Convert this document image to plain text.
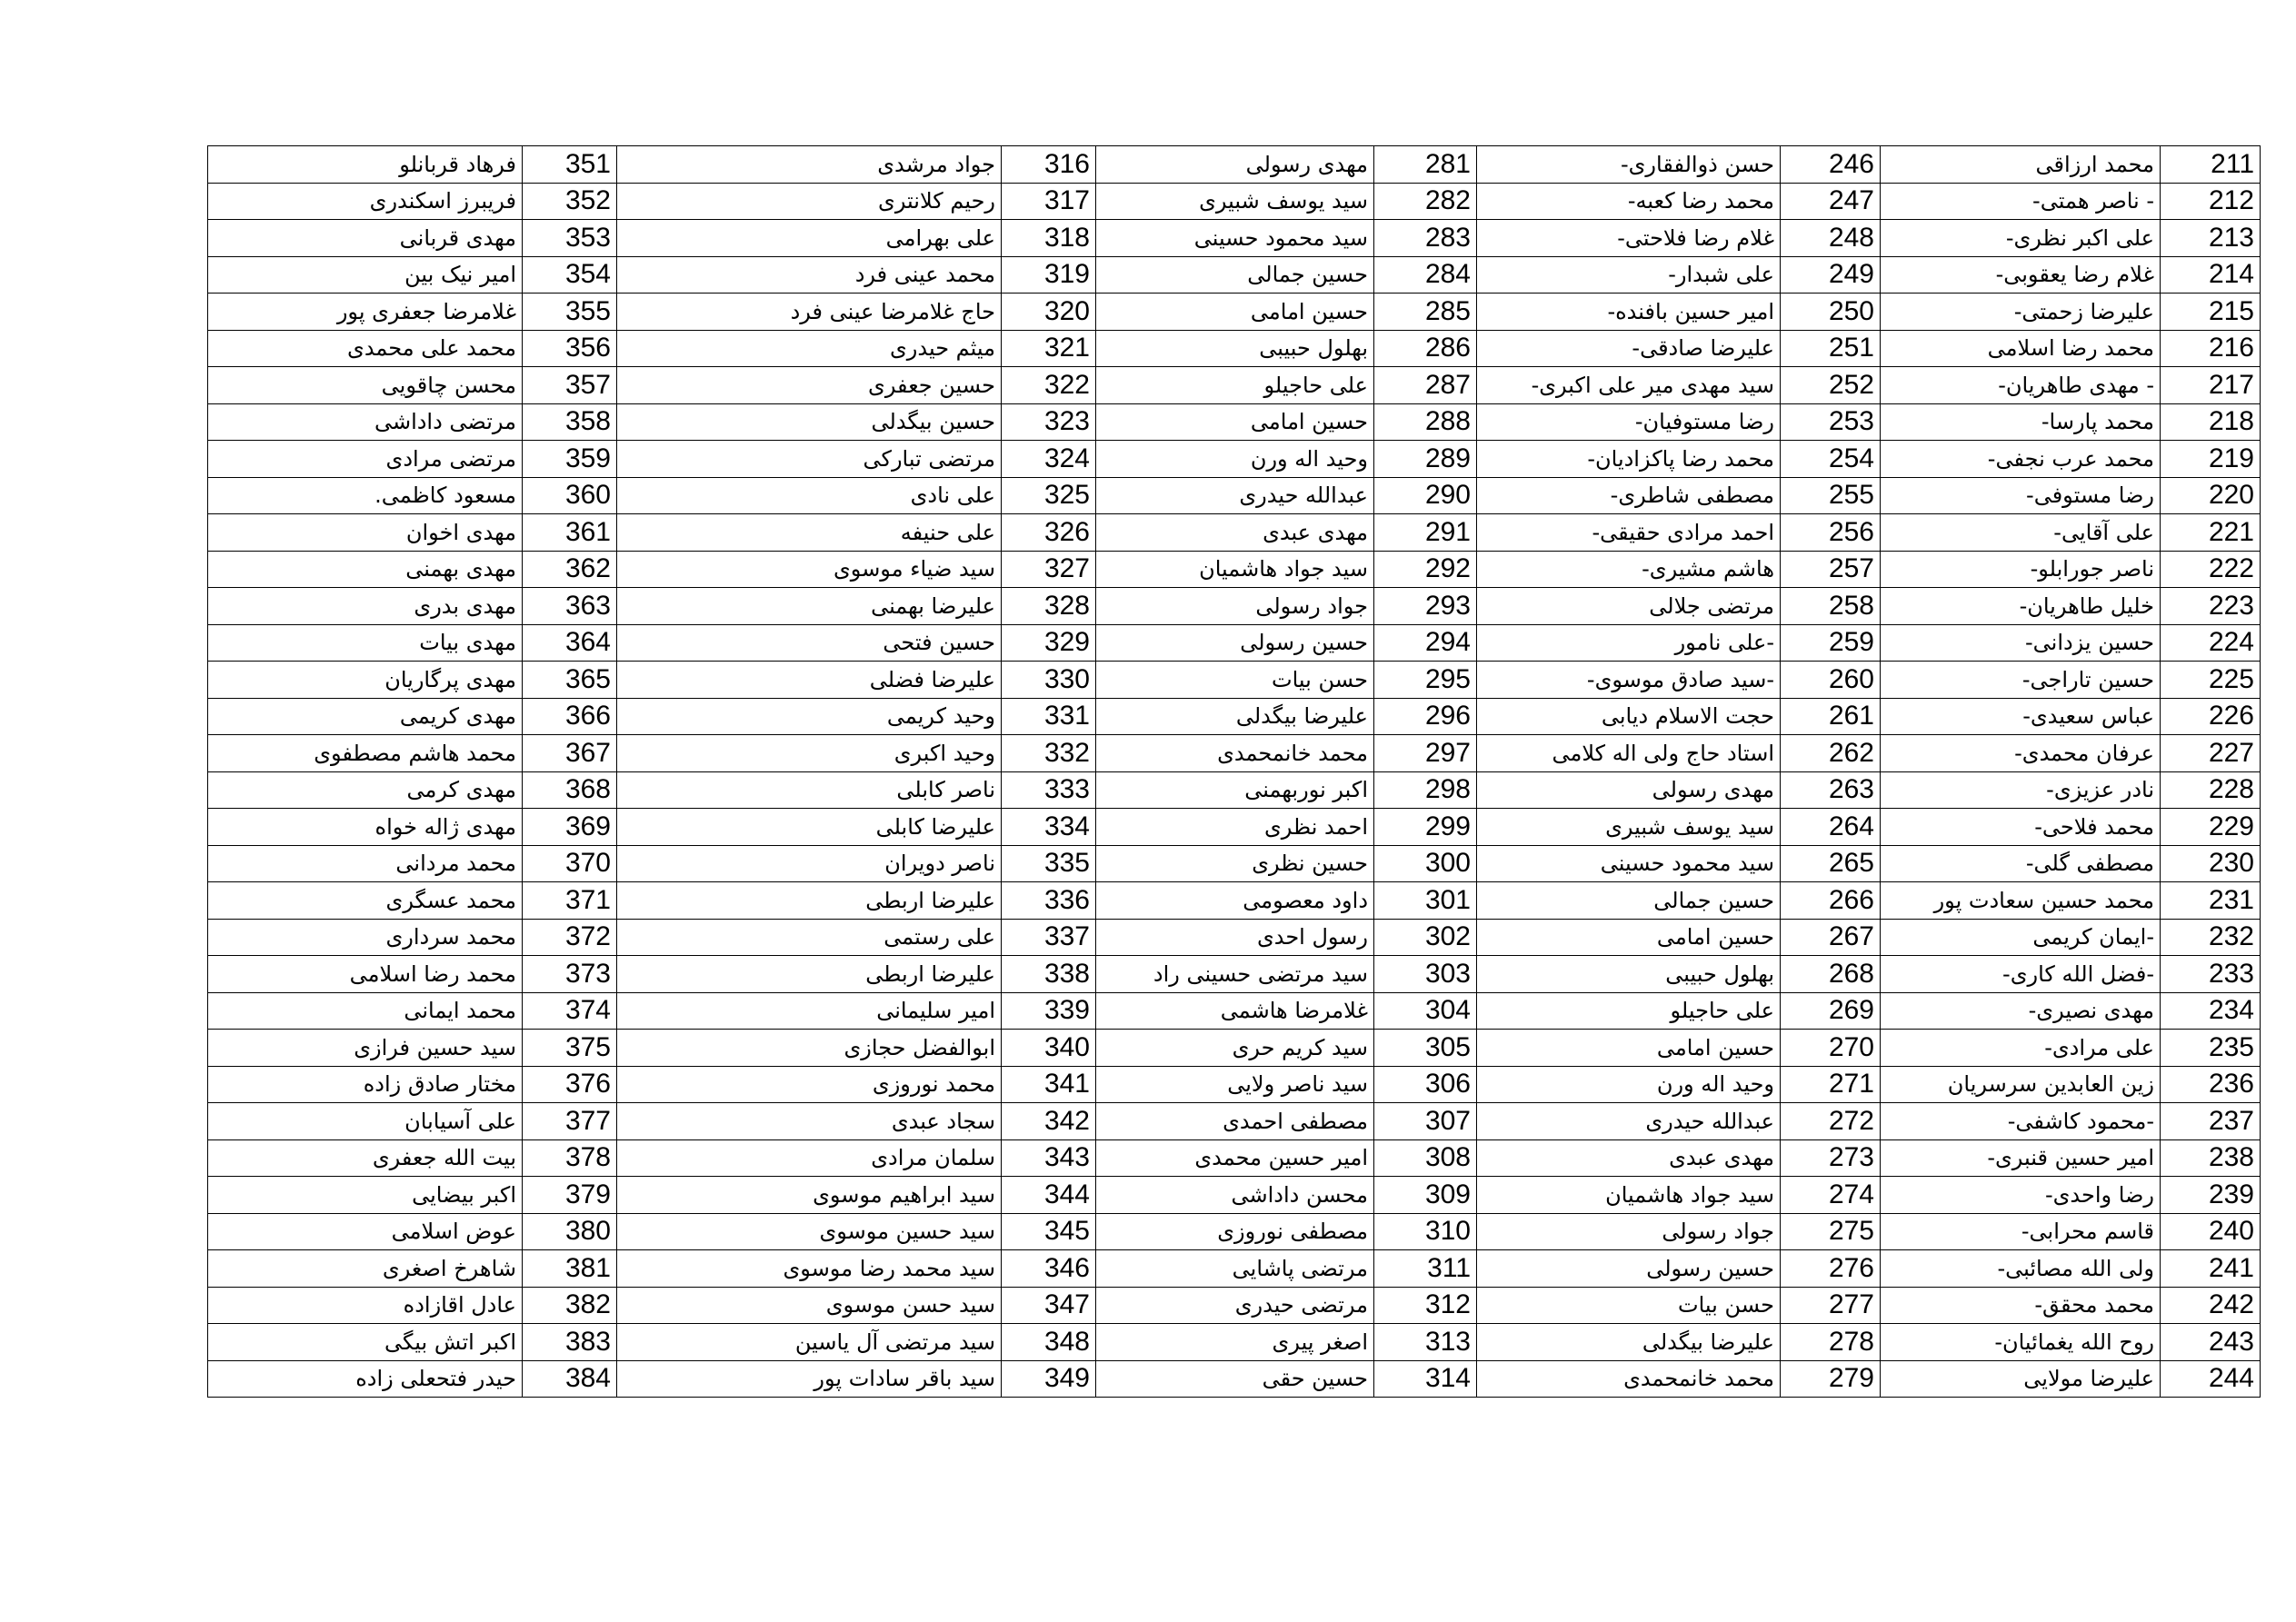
فرهاد قربانلو	351	جواد مرشدی	316	مهدی رسولی	281	حسن ذوالفقاری-	246	محمد ارزاقی	211
فریبرز اسکندری	352	رحیم کلانتری	317	سید یوسف شبیری	282	محمد رضا کعبه-	247	- ناصر همتی-	212
مهدی قربانی	353	علی بهرامی	318	سید محمود حسینی	283	غلام رضا فلاحتی-	248	علی اکبر نظری-	213
امیر نیک بین	354	محمد عینی فرد	319	حسین جمالی	284	علی شبدار-	249	غلام رضا یعقوبی-	214
غلامرضا جعفری پور	355	حاج غلامرضا عینی فرد	320	حسین امامی	285	امیر حسین بافنده-	250	علیرضا زحمتی-	215
محمد علی محمدی	356	میثم حیدری	321	بهلول حبیبی	286	علیرضا صادقی-	251	محمد رضا اسلامی	216
محسن چاقویی	357	حسین جعفری	322	علی حاجیلو	287	سید مهدی میر علی اکبری-	252	- مهدی طاهریان-	217
مرتضی داداشی	358	حسین بیگدلی	323	حسین امامی	288	رضا مستوفیان-	253	محمد پارسا-	218
مرتضی مرادی	359	مرتضی تبارکی	324	وحید اله ورن	289	محمد رضا پاکزادیان-	254	محمد عرب نجفی-	219
مسعود کاظمی.	360	علی نادی	325	عبدالله حیدری	290	مصطفی شاطری-	255	رضا مستوفی-	220
مهدی اخوان	361	علی حنیفه	326	مهدی عبدی	291	احمد مرادی حقیقی-	256	علی آقایی-	221
مهدی بهمنی	362	سید ضیاء موسوی	327	سید جواد هاشمیان	292	هاشم مشیری-	257	ناصر جورابلو-	222
مهدی بدری	363	علیرضا بهمنی	328	جواد رسولی	293	مرتضی جلالی	258	خلیل طاهریان-	223
مهدی بیات	364	حسین فتحی	329	حسین رسولی	294	-علی نامور	259	حسین یزدانی-	224
مهدی پرگاریان	365	علیرضا فضلی	330	حسن بیات	295	-سید صادق موسوی-	260	حسین تاراجی-	225
مهدی کریمی	366	وحید کریمی	331	علیرضا بیگدلی	296	حجت الاسلام دیابی	261	عباس سعیدی-	226
محمد هاشم مصطفوی	367	وحید اکبری	332	محمد خانمحمدی	297	استاد حاج ولی اله کلامی	262	عرفان محمدی-	227
مهدی کرمی	368	ناصر کابلی	333	اکبر نوربهمنی	298	مهدی رسولی	263	نادر عزیزی-	228
مهدی ژاله خواه	369	علیرضا کابلی	334	احمد نظری	299	سید یوسف شبیری	264	محمد فلاحی-	229
محمد مردانی	370	ناصر دویران	335	حسین نظری	300	سید محمود حسینی	265	مصطفی گلی-	230
محمد عسگری	371	علیرضا اربطی	336	داود معصومی	301	حسین جمالی	266	محمد حسین سعادت پور	231
محمد سرداری	372	علی رستمی	337	رسول احدی	302	حسین امامی	267	-ایمان کریمی	232
محمد رضا اسلامی	373	علیرضا اربطی	338	سید مرتضی حسینی راد	303	بهلول حبیبی	268	-فضل الله کاری-	233
محمد ایمانی	374	امیر سلیمانی	339	غلامرضا هاشمی	304	علی حاجیلو	269	مهدی نصیری-	234
سید حسین فرازی	375	ابوالفضل حجازی	340	سید کریم حری	305	حسین امامی	270	علی مرادی-	235
مختار صادق زاده	376	محمد نوروزی	341	سید ناصر ولایی	306	وحید اله ورن	271	زین العابدین سرسریان	236
علی آسیابان	377	سجاد عبدی	342	مصطفی احمدی	307	عبدالله حیدری	272	-محمود کاشفی-	237
بیت الله جعفری	378	سلمان مرادی	343	امیر حسین محمدی	308	مهدی عبدی	273	امیر حسین قنبری-	238
اکبر بیضایی	379	سید ابراهیم موسوی	344	محسن داداشی	309	سید جواد هاشمیان	274	رضا واحدی-	239
عوض اسلامی	380	سید حسین موسوی	345	مصطفی نوروزی	310	جواد رسولی	275	قاسم محرابی-	240
شاهرخ اصغری	381	سید محمد رضا موسوی	346	مرتضی پاشایی	311	حسین رسولی	276	ولی الله مصائبی-	241
عادل اقازاده	382	سید حسن موسوی	347	مرتضی حیدری	312	حسن بیات	277	محمد محقق-	242
اکبر اتش بیگی	383	سید مرتضی آل یاسین	348	اصغر پیری	313	علیرضا بیگدلی	278	روح الله یغمائیان-	243
حیدر فتحعلی زاده	384	سید باقر سادات پور	349	حسین حقی	314	محمد خانمحمدی	279	علیرضا مولایی	244
